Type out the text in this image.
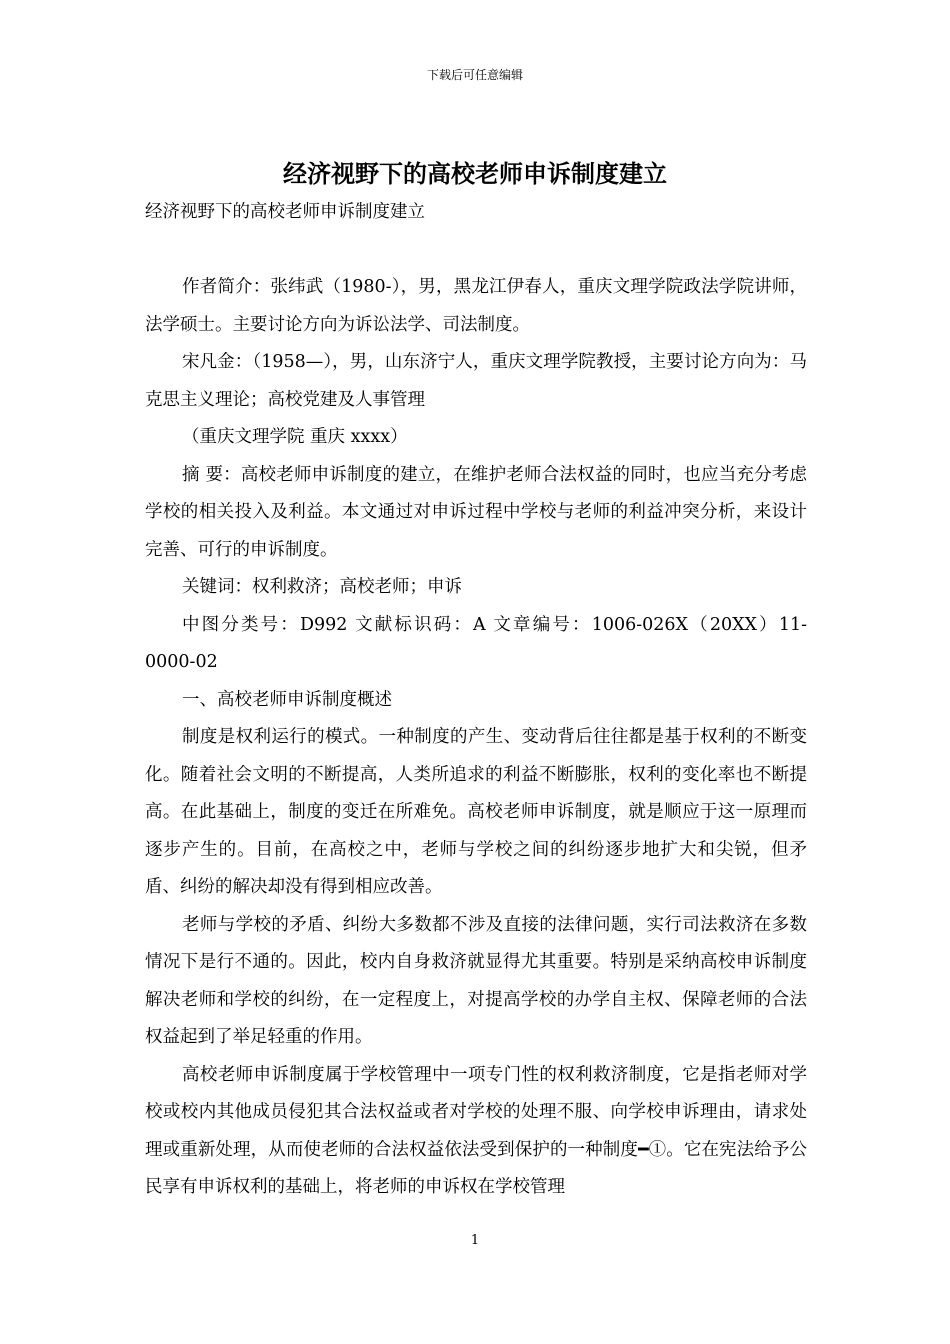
下载后可任意编辑
经济视野下的高校老师申诉制度建立

经济视野下的高校老师申诉制度建立

作者简介：张纬武（1980-），男，黑龙江伊春人，重庆文理学院政法学院讲师，法学硕士。主要讨论方向为诉讼法学、司法制度。

宋凡金：（1958—），男，山东济宁人，重庆文理学院教授，主要讨论方向为：马克思主义理论；高校党建及人事管理

（重庆文理学院 重庆 xxxx）

摘 要：高校老师申诉制度的建立，在维护老师合法权益的同时，也应当充分考虑学校的相关投入及利益。本文通过对申诉过程中学校与老师的利益冲突分析，来设计完善、可行的申诉制度。

关键词：权利救济；高校老师；申诉

中图分类号：D992 文献标识码：A 文章编号：1006-026X（20XX）11-0000-02

一、高校老师申诉制度概述

制度是权利运行的模式。一种制度的产生、变动背后往往都是基于权利的不断变化。随着社会文明的不断提高，人类所追求的利益不断膨胀，权利的变化率也不断提高。在此基础上，制度的变迁在所难免。高校老师申诉制度，就是顺应于这一原理而逐步产生的。目前，在高校之中，老师与学校之间的纠纷逐步地扩大和尖锐，但矛盾、纠纷的解决却没有得到相应改善。

老师与学校的矛盾、纠纷大多数都不涉及直接的法律问题，实行司法救济在多数情况下是行不通的。因此，校内自身救济就显得尤其重要。特别是采纳高校申诉制度解决老师和学校的纠纷，在一定程度上，对提高学校的办学自主权、保障老师的合法权益起到了举足轻重的作用。

高校老师申诉制度属于学校管理中一项专门性的权利救济制度，它是指老师对学校或校内其他成员侵犯其合法权益或者对学校的处理不服、向学校申诉理由，请求处理或重新处理，从而使老师的合法权益依法受到保护的一种制度━①。它在宪法给予公民享有申诉权利的基础上，将老师的申诉权在学校管理

1
